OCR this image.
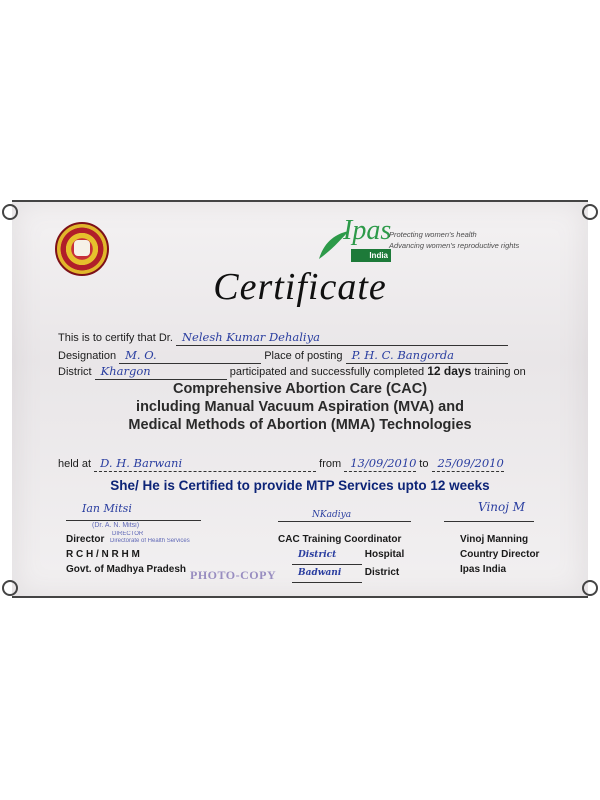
Ipas
India
Protecting women's health
Advancing women's reproductive rights
Certificate
This is to certify that Dr. Nelesh Kumar Dehaliya
Designation M. O.	Place of posting P. H. C. Bangorda
District Khargon	participated and successfully completed 12 days training on
Comprehensive Abortion Care (CAC)
including Manual Vacuum Aspiration (MVA) and
Medical Methods of Abortion (MMA) Technologies
held at D. H. Barwani	from 13/09/2010 to 25/09/2010
She/ He is Certified to provide MTP Services upto 12 weeks
Ian Mitsi
(Dr. A. N. Mitsi)
DIRECTOR
Directorate of Health Services
Director
R C H / N R H M
Govt. of Madhya Pradesh
NKadiya
CAC Training Coordinator
District	Hospital
Badwani District
Vinoj M
Vinoj Manning
Country Director
Ipas India
PHOTO-COPY
